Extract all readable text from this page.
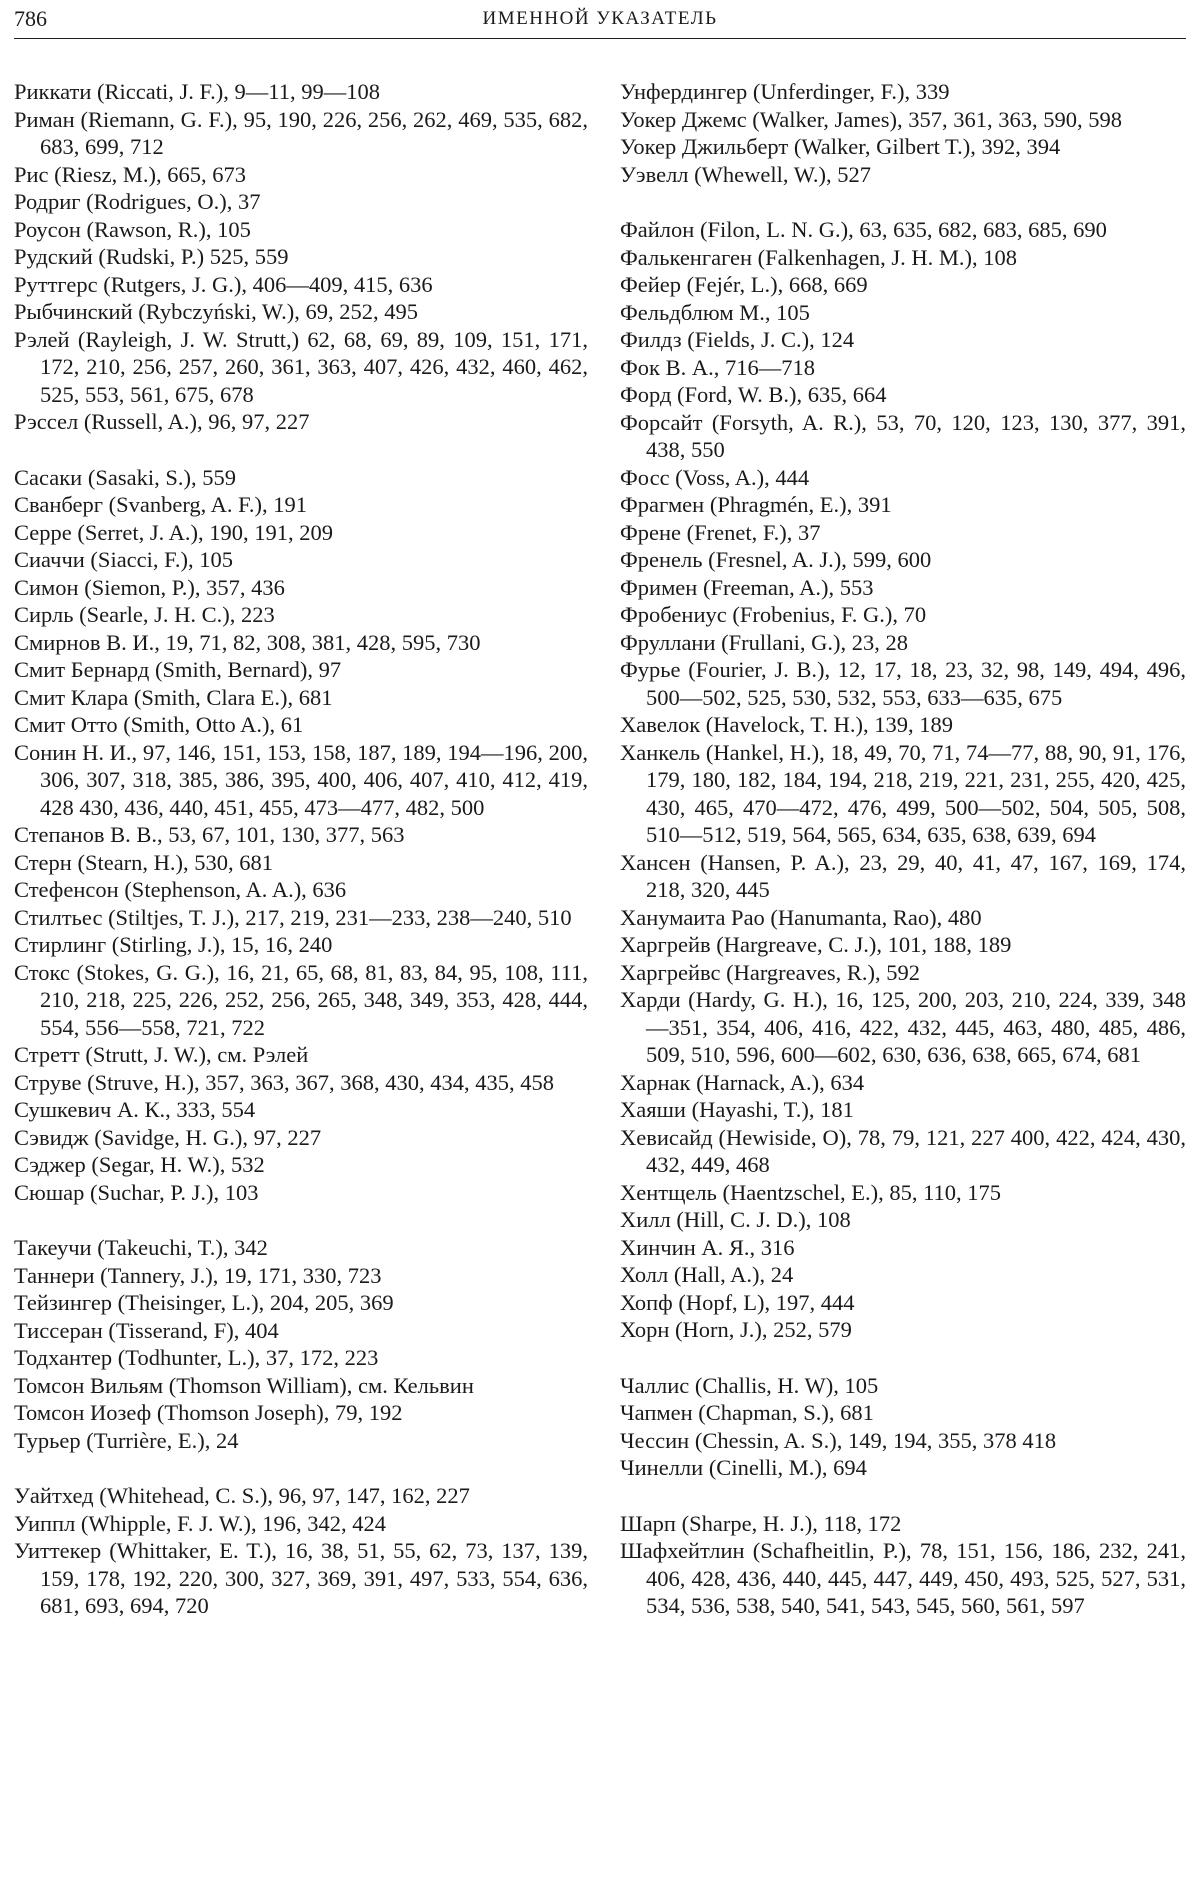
786	ИМЕННОЙ УКАЗАТЕЛЬ
Риккати (Riccati, J. F.), 9—11, 99—108
Риман (Riemann, G. F.), 95, 190, 226, 256, 262, 469, 535, 682, 683, 699, 712
Рис (Riesz, M.), 665, 673
Родриг (Rodrigues, O.), 37
Роусон (Rawson, R.), 105
Рудский (Rudski, P.) 525, 559
Руттгерс (Rutgers, J. G.), 406—409, 415, 636
Рыбчинский (Rybczyński, W.), 69, 252, 495
Рэлей (Rayleigh, J. W. Strutt,) 62, 68, 69, 89, 109, 151, 171, 172, 210, 256, 257, 260, 361, 363, 407, 426, 432, 460, 462, 525, 553, 561, 675, 678
Рэссел (Russell, A.), 96, 97, 227
Сасаки (Sasaki, S.), 559
Сванберг (Svanberg, A. F.), 191
Серре (Serret, J. A.), 190, 191, 209
Сиаччи (Siacci, F.), 105
Симон (Siemon, P.), 357, 436
Сирль (Searle, J. H. C.), 223
Смирнов В. И., 19, 71, 82, 308, 381, 428, 595, 730
Смит Бернард (Smith, Bernard), 97
Смит Клара (Smith, Clara E.), 681
Смит Отто (Smith, Otto A.), 61
Сонин Н. И., 97, 146, 151, 153, 158, 187, 189, 194—196, 200, 306, 307, 318, 385, 386, 395, 400, 406, 407, 410, 412, 419, 428 430, 436, 440, 451, 455, 473—477, 482, 500
Степанов В. В., 53, 67, 101, 130, 377, 563
Стерн (Stearn, H.), 530, 681
Стефенсон (Stephenson, A. A.), 636
Стилтьес (Stiltjes, T. J.), 217, 219, 231—233, 238—240, 510
Стирлинг (Stirling, J.), 15, 16, 240
Стокс (Stokes, G. G.), 16, 21, 65, 68, 81, 83, 84, 95, 108, 111, 210, 218, 225, 226, 252, 256, 265, 348, 349, 353, 428, 444, 554, 556—558, 721, 722
Стретт (Strutt, J. W.), см. Рэлей
Струве (Struve, H.), 357, 363, 367, 368, 430, 434, 435, 458
Сушкевич А. К., 333, 554
Сэвидж (Savidge, H. G.), 97, 227
Сэджер (Segar, H. W.), 532
Сюшар (Suchar, P. J.), 103
Такеучи (Takeuchi, T.), 342
Таннери (Tannery, J.), 19, 171, 330, 723
Тейзингер (Theisinger, L.), 204, 205, 369
Тиссеран (Tisserand, F), 404
Тодхантер (Todhunter, L.), 37, 172, 223
Томсон Вильям (Thomson William), см. Кельвин
Томсон Иозеф (Thomson Joseph), 79, 192
Турьер (Turrière, E.), 24
Уайтхед (Whitehead, C. S.), 96, 97, 147, 162, 227
Уиппл (Whipple, F. J. W.), 196, 342, 424
Уиттекер (Whittaker, E. T.), 16, 38, 51, 55, 62, 73, 137, 139, 159, 178, 192, 220, 300, 327, 369, 391, 497, 533, 554, 636, 681, 693, 694, 720
Унфердингер (Unferdinger, F.), 339
Уокер Джемс (Walker, James), 357, 361, 363, 590, 598
Уокер Джильберт (Walker, Gilbert T.), 392, 394
Уэвелл (Whewell, W.), 527
Файлон (Filon, L. N. G.), 63, 635, 682, 683, 685, 690
Фалькенгаген (Falkenhagen, J. H. M.), 108
Фейер (Fejér, L.), 668, 669
Фельдблюм М., 105
Филдз (Fields, J. C.), 124
Фок В. А., 716—718
Форд (Ford, W. B.), 635, 664
Форсайт (Forsyth, A. R.), 53, 70, 120, 123, 130, 377, 391, 438, 550
Фосс (Voss, A.), 444
Фрагмен (Phragmén, E.), 391
Френе (Frenet, F.), 37
Френель (Fresnel, A. J.), 599, 600
Фримен (Freeman, A.), 553
Фробениус (Frobenius, F. G.), 70
Фруллани (Frullani, G.), 23, 28
Фурье (Fourier, J. B.), 12, 17, 18, 23, 32, 98, 149, 494, 496, 500—502, 525, 530, 532, 553, 633—635, 675
Хавелок (Havelock, T. H.), 139, 189
Ханкель (Hankel, H.), 18, 49, 70, 71, 74—77, 88, 90, 91, 176, 179, 180, 182, 184, 194, 218, 219, 221, 231, 255, 420, 425, 430, 465, 470—472, 476, 499, 500—502, 504, 505, 508, 510—512, 519, 564, 565, 634, 635, 638, 639, 694
Хансен (Hansen, P. A.), 23, 29, 40, 41, 47, 167, 169, 174, 218, 320, 445
Ханумаита Рао (Hanumanta, Rao), 480
Харгрейв (Hargreave, C. J.), 101, 188, 189
Харгрейвс (Hargreaves, R.), 592
Харди (Hardy, G. H.), 16, 125, 200, 203, 210, 224, 339, 348—351, 354, 406, 416, 422, 432, 445, 463, 480, 485, 486, 509, 510, 596, 600—602, 630, 636, 638, 665, 674, 681
Харнак (Harnack, A.), 634
Хаяши (Hayashi, T.), 181
Хевисайд (Hewiside, O), 78, 79, 121, 227 400, 422, 424, 430, 432, 449, 468
Хентщель (Haentzschel, E.), 85, 110, 175
Хилл (Hill, C. J. D.), 108
Хинчин А. Я., 316
Холл (Hall, A.), 24
Хопф (Hopf, L), 197, 444
Хорн (Horn, J.), 252, 579
Чаллис (Challis, H. W), 105
Чапмен (Chapman, S.), 681
Чессин (Chessin, A. S.), 149, 194, 355, 378 418
Чинелли (Cinelli, M.), 694
Шарп (Sharpe, H. J.), 118, 172
Шафхейтлин (Schafheitlin, P.), 78, 151, 156, 186, 232, 241, 406, 428, 436, 440, 445, 447, 449, 450, 493, 525, 527, 531, 534, 536, 538, 540, 541, 543, 545, 560, 561, 597
